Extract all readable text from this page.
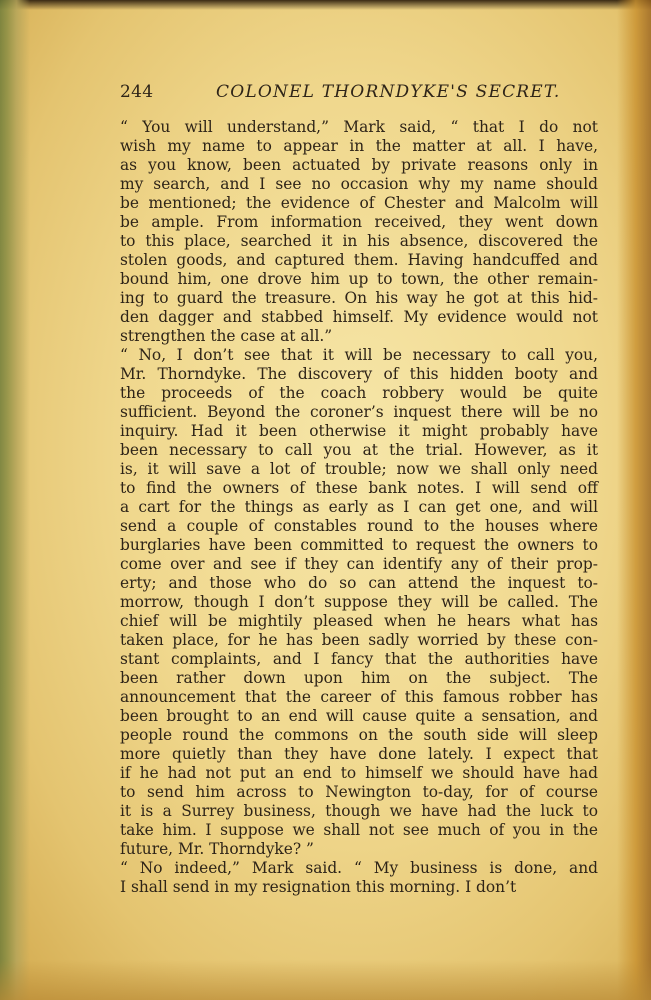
244	COLONEL THORNDYKE'S SECRET.
“ You will understand,” Mark said, “ that I do not
wish my name to appear in the matter at all. I have,
as you know, been actuated by private reasons only in
my search, and I see no occasion why my name should
be mentioned; the evidence of Chester and Malcolm will
be ample. From information received, they went down
to this place, searched it in his absence, discovered the
stolen goods, and captured them. Having handcuffed and
bound him, one drove him up to town, the other remain-
ing to guard the treasure. On his way he got at this hid-
den dagger and stabbed himself. My evidence would not
strengthen the case at all.”
“ No, I don’t see that it will be necessary to call you,
Mr. Thorndyke. The discovery of this hidden booty and
the proceeds of the coach robbery would be quite
sufficient. Beyond the coroner’s inquest there will be no
inquiry. Had it been otherwise it might probably have
been necessary to call you at the trial. However, as it
is, it will save a lot of trouble; now we shall only need
to find the owners of these bank notes. I will send off
a cart for the things as early as I can get one, and will
send a couple of constables round to the houses where
burglaries have been committed to request the owners to
come over and see if they can identify any of their prop-
erty; and those who do so can attend the inquest to-
morrow, though I don’t suppose they will be called. The
chief will be mightily pleased when he hears what has
taken place, for he has been sadly worried by these con-
stant complaints, and I fancy that the authorities have
been rather down upon him on the subject. The
announcement that the career of this famous robber has
been brought to an end will cause quite a sensation, and
people round the commons on the south side will sleep
more quietly than they have done lately. I expect that
if he had not put an end to himself we should have had
to send him across to Newington to-day, for of course
it is a Surrey business, though we have had the luck to
take him. I suppose we shall not see much of you in the
future, Mr. Thorndyke? ”
“ No indeed,” Mark said. “ My business is done, and
I shall send in my resignation this morning. I don’t
